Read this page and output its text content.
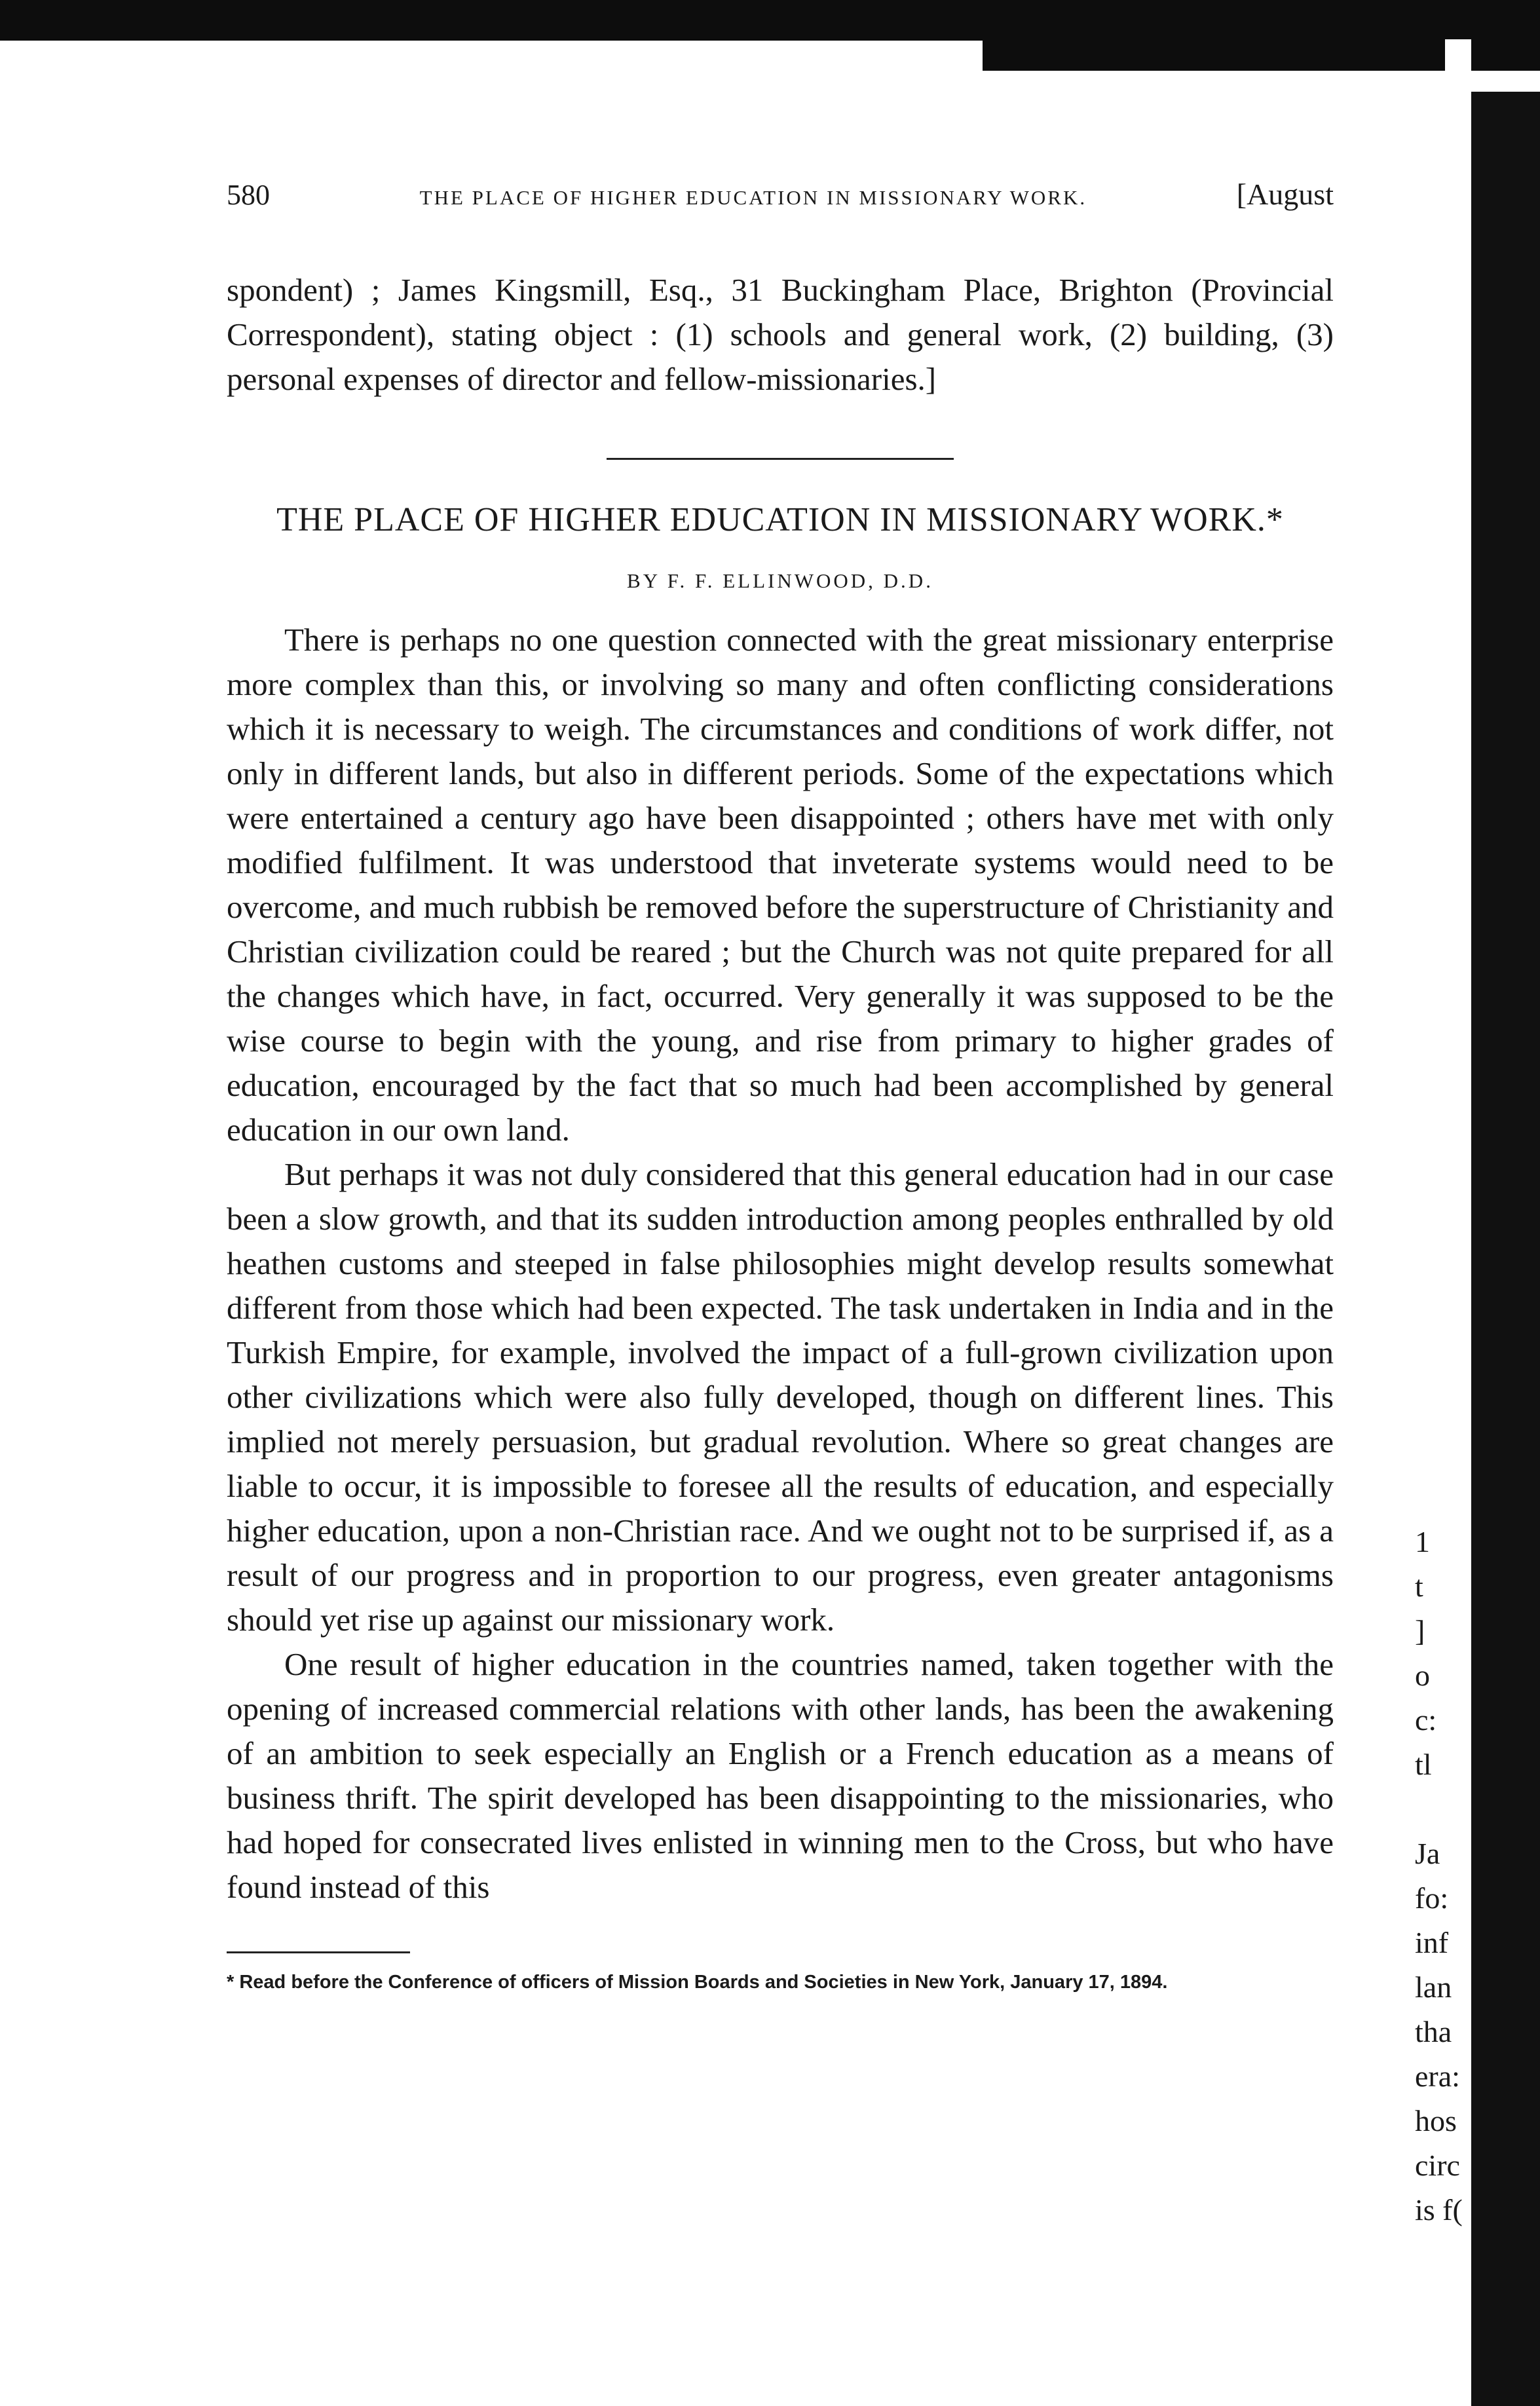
580	THE PLACE OF HIGHER EDUCATION IN MISSIONARY WORK.	[August

spondent) ; James Kingsmill, Esq., 31 Buckingham Place, Brighton (Provincial Correspondent), stating object : (1) schools and general work, (2) building, (3) personal expenses of director and fellow-missionaries.]

THE PLACE OF HIGHER EDUCATION IN MISSIONARY WORK.*
BY F. F. ELLINWOOD, D.D.

There is perhaps no one question connected with the great missionary enterprise more complex than this, or involving so many and often conflicting considerations which it is necessary to weigh. The circumstances and conditions of work differ, not only in different lands, but also in different periods. Some of the expectations which were entertained a century ago have been disappointed ; others have met with only modified fulfilment. It was understood that inveterate systems would need to be overcome, and much rubbish be removed before the superstructure of Christianity and Christian civilization could be reared ; but the Church was not quite prepared for all the changes which have, in fact, occurred. Very generally it was supposed to be the wise course to begin with the young, and rise from primary to higher grades of education, encouraged by the fact that so much had been accomplished by general education in our own land.

But perhaps it was not duly considered that this general education had in our case been a slow growth, and that its sudden introduction among peoples enthralled by old heathen customs and steeped in false philosophies might develop results somewhat different from those which had been expected. The task undertaken in India and in the Turkish Empire, for example, involved the impact of a full-grown civilization upon other civilizations which were also fully developed, though on different lines. This implied not merely persuasion, but gradual revolution. Where so great changes are liable to occur, it is impossible to foresee all the results of education, and especially higher education, upon a non-Christian race. And we ought not to be surprised if, as a result of our progress and in proportion to our progress, even greater antagonisms should yet rise up against our missionary work.

One result of higher education in the countries named, taken together with the opening of increased commercial relations with other lands, has been the awakening of an ambition to seek especially an English or a French education as a means of business thrift. The spirit developed has been disappointing to the missionaries, who had hoped for consecrated lives enlisted in winning men to the Cross, but who have found instead of this

* Read before the Conference of officers of Mission Boards and Societies in New York, January 17, 1894.

1
t
]
o
c:
tl

Ja
fo:
inf
lan
tha
era:
hos
circ
is f(
